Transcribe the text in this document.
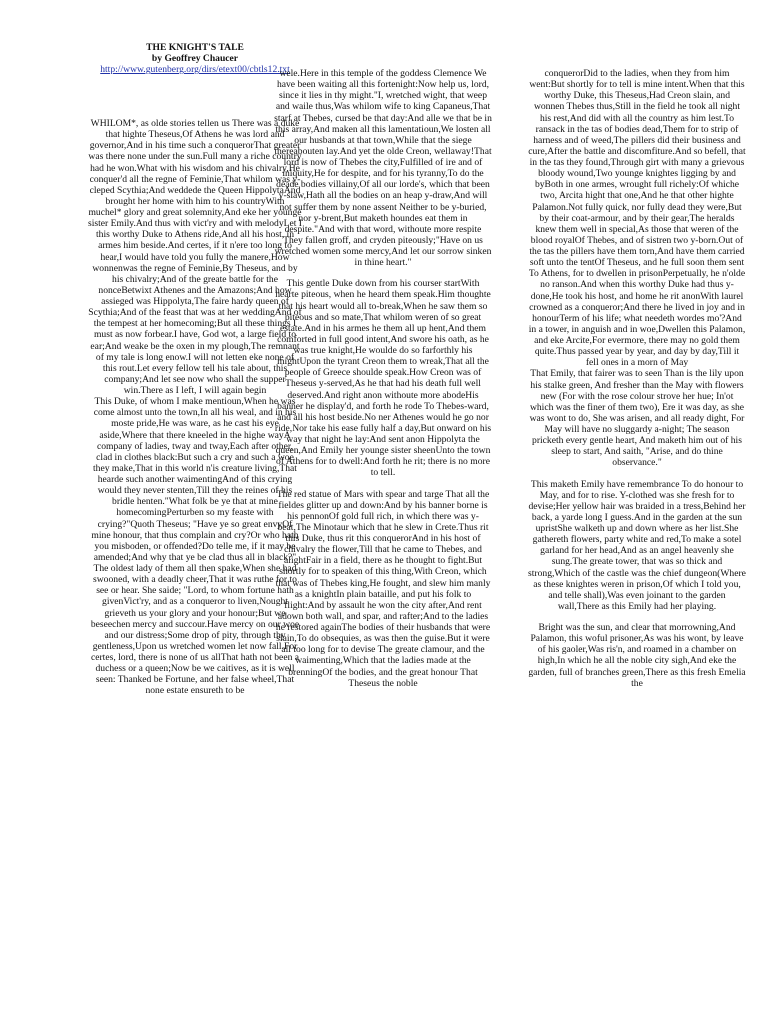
THE KNIGHT'S TALE
by Geoffrey Chaucer
http://www.gutenberg.org/dirs/etext00/cbtls12.txt

WHILOM*, as olde stories tellen us There was a duke that highte Theseus,Of Athens he was lord and governor,And in his time such a conquerorThat greater was there none under the sun.Full many a riche country had he won.What with his wisdom and his chivalry,He conquer'd all the regne of Feminie,That whilom was y-cleped Scythia;And weddede the Queen HippolytaAnd brought her home with him to his countryWith muchel* glory and great solemnity,And eke her younge sister Emily.And thus with vict'ry and with melodyLet I this worthy Duke to Athens ride,And all his host, in armes him beside.And certes, if it n'ere too long to hear,I would have told you fully the manere,How wonnenwas the regne of Feminie,By Theseus, and by his chivalry;And of the greate battle for the nonceBetwixt Athenes and the Amazons;And how assieged was Hippolyta,The faire hardy queen of Scythia;And of the feast that was at her weddingAnd of the tempest at her homecoming;But all these things I must as now forbear.I have, God wot, a large field to ear;And weake be the oxen in my plough,The remnant of my tale is long enow.I will not letten eke none of this rout.Let every fellow tell his tale about, this company;And let see now who shall the supper win.There as I left, I will again begin

This Duke, of whom I make mentioun,When he was come almost unto the town,In all his weal, and in his moste pride,He was ware, as he cast his eye aside,Where that there kneeled in the highe wayA company of ladies, tway and tway,Each after other, clad in clothes black:But such a cry and such a woe they make,That in this world n'is creature living,That hearde such another waimentingAnd of this crying would they never stenten,Till they the reines of his bridle henten."What folk be ye that at mine homecomingPerturben so my feaste with crying?"Quoth Theseus; "Have ye so great envyOf mine honour, that thus complain and cry?Or who hath you misboden, or offended?Do telle me, if it may be amended;And why that ye be clad thus all in black?"

The oldest lady of them all then spake,When she had swooned, with a deadly cheer,That it was ruthe for to see or hear. She saide; "Lord, to whom fortune hath givenVict'ry, and as a conqueror to liven,Nought grieveth us your glory and your honour;But we beseechen mercy and succour.Have mercy on our woe and our distress;Some drop of pity, through thy gentleness,Upon us wretched women let now fall.For certes, lord, there is none of us allThat hath not been a duchess or a queen;Now be we caitives, as it is well seen: Thanked be Fortune, and her false wheel,That none estate ensureth to be

wele.Here in this temple of the goddess Clemence We have been waiting all this fortenight:Now help us, lord, since it lies in thy might."I, wretched wight, that weep and waile thus,Was whilom wife to king Capaneus,That starf at Thebes, cursed be that day:And alle we that be in this array,And maken all this lamentatioun,We losten all our husbands at that town,While that the siege thereabouten lay.And yet the olde Creon, wellaway!That lord is now of Thebes the city,Fulfilled of ire and of iniquity,He for despite, and for his tyranny,To do the deade bodies villainy,Of all our lorde's, which that been y-slaw,Hath all the bodies on an heap y-draw,And will not suffer them by none assent Neither to be y-buried, nor y-brent,But maketh houndes eat them in despite."And with that word, withoute more respite They fallen groff, and cryden piteously;"Have on us wretched women some mercy,And let our sorrow sinken in thine heart."

This gentle Duke down from his courser startWith hearte piteous, when he heard them speak.Him thoughte that his heart would all to-break,When he saw them so piteous and so mate,That whilom weren of so great estate.And in his armes he them all up hent,And them comforted in full good intent,And swore his oath, as he was true knight,He woulde do so farforthly his mightUpon the tyrant Creon them to wreak,That all the people of Greece shoulde speak.How Creon was of Theseus y-served,As he that had his death full well deserved.And right anon withoute more abodeHis banner he display'd, and forth he rode To Thebes-ward, and all his host beside.No ner Athenes would he go nor ride,Nor take his ease fully half a day,But onward on his way that night he lay:And sent anon Hippolyta the queen,And Emily her younge sister sheenUnto the town of Athens for to dwell:And forth he rit; there is no more to tell.

The red statue of Mars with spear and targe That all the fieldes glitter up and down:And by his banner borne is his pennonOf gold full rich, in which there was y-beat,The Minotaur which that he slew in Crete.Thus rit this Duke, thus rit this conquerorAnd in his host of chivalry the flower,Till that he came to Thebes, and alightFair in a field, there as he thought to fight.But shortly for to speaken of this thing,With Creon, which that was of Thebes king,He fought, and slew him manly as a knightIn plain bataille, and put his folk to flight:And by assault he won the city after,And rent adown both wall, and spar, and rafter;And to the ladies he restored againThe bodies of their husbands that were slain,To do obsequies, as was then the guise.But it were all too long for to devise The greate clamour, and the waimenting,Which that the ladies made at the brenningOf the bodies, and the great honour That Theseus the noble

conquerorDid to the ladies, when they from him went:But shortly for to tell is mine intent.When that this worthy Duke, this Theseus,Had Creon slain, and wonnen Thebes thus,Still in the field he took all night his rest,And did with all the country as him lest.To ransack in the tas of bodies dead,Them for to strip of harness and of weed,The pillers did their business and cure,After the battle and discomfiture.And so befell, that in the tas they found,Through girt with many a grievous bloody wound,Two younge knightes ligging by and byBoth in one armes, wrought full richely:Of whiche two, Arcita hight that one,And he that other highte Palamon.Not fully quick, nor fully dead they were,But by their coat-armour, and by their gear,The heralds knew them well in special,As those that weren of the blood royalOf Thebes, and of sistren two y-born.Out of the tas the pillers have them torn,And have them carried soft unto the tentOf Theseus, and he full soon them sent To Athens, for to dwellen in prisonPerpetually, he n'olde no ranson.And when this worthy Duke had thus y-done,He took his host, and home he rit anonWith laurel crowned as a conqueror;And there he lived in joy and in honourTerm of his life; what needeth wordes mo'?And in a tower, in anguish and in woe,Dwellen this Palamon, and eke Arcite,For evermore, there may no gold them quite.Thus passed year by year, and day by day,Till it fell ones in a morn of May

That Emily, that fairer was to seen Than is the lily upon his stalke green, And fresher than the May with flowers new (For with the rose colour strove her hue; In'ot which was the finer of them two), Ere it was day, as she was wont to do, She was arisen, and all ready dight, For May will have no sluggardy a-night; The season pricketh every gentle heart, And maketh him out of his sleep to start, And saith, "Arise, and do thine observance."

This maketh Emily have remembrance To do honour to May, and for to rise. Y-clothed was she fresh for to devise;Her yellow hair was braided in a tress,Behind her back, a yarde long I guess.And in the garden at the sun upristShe walketh up and down where as her list.She gathereth flowers, party white and red,To make a sotel garland for her head,And as an angel heavenly she sung.The greate tower, that was so thick and strong,Which of the castle was the chief dungeon(Where as these knightes weren in prison,Of which I told you, and telle shall),Was even joinant to the garden wall,There as this Emily had her playing.

Bright was the sun, and clear that morrowning,And Palamon, this woful prisoner,As was his wont, by leave of his gaoler,Was ris'n, and roamed in a chamber on high,In which he all the noble city sigh,And eke the garden, full of branches green,There as this fresh Emelia the
